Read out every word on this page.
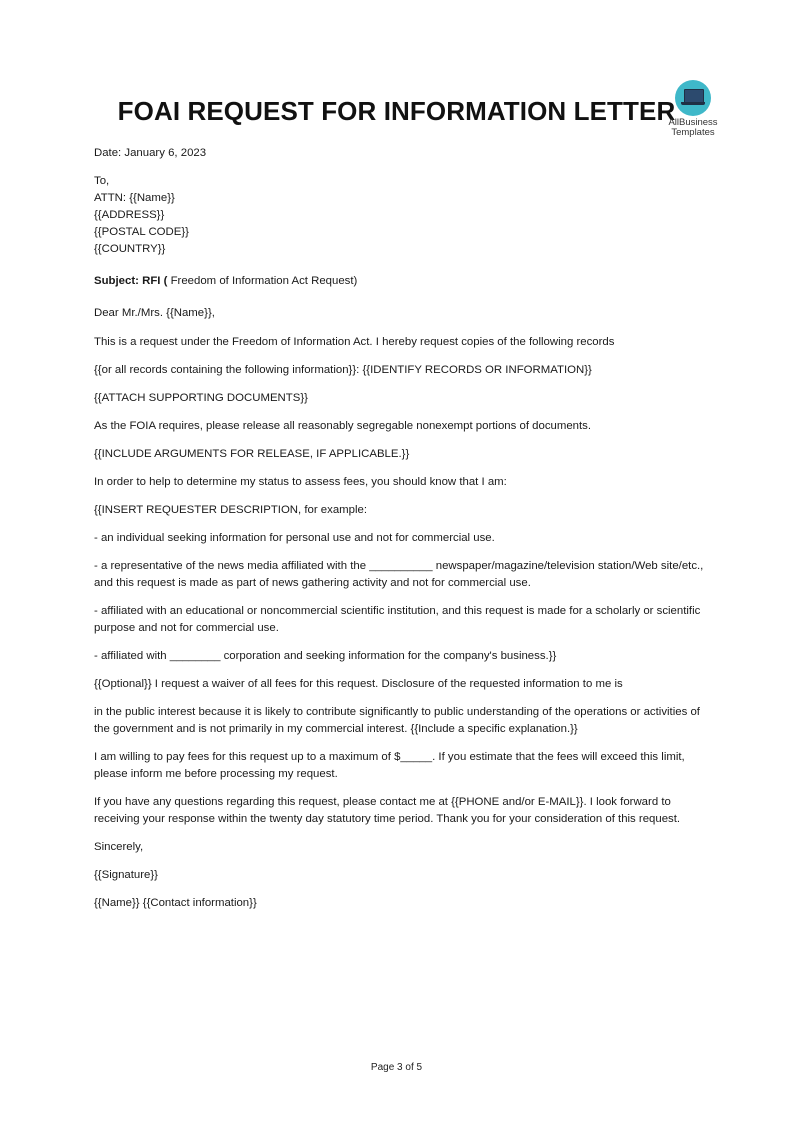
FOAI REQUEST FOR INFORMATION LETTER
AllBusiness
Templates

Date: January 6, 2023

To,
ATTN: {{Name}}
{{ADDRESS}}
{{POSTAL CODE}}
{{COUNTRY}}

Subject: RFI ( Freedom of Information Act Request)

Dear Mr./Mrs. {{Name}},

This is a request under the Freedom of Information Act. I hereby request copies of the following records

{{or all records containing the following information}}: {{IDENTIFY RECORDS OR INFORMATION}}

{{ATTACH SUPPORTING DOCUMENTS}}

As the FOIA requires, please release all reasonably segregable nonexempt portions of documents.

{{INCLUDE ARGUMENTS FOR RELEASE, IF APPLICABLE.}}

In order to help to determine my status to assess fees, you should know that I am:

{{INSERT REQUESTER DESCRIPTION, for example:

- an individual seeking information for personal use and not for commercial use.

- a representative of the news media affiliated with the __________ newspaper/magazine/television station/Web site/etc., and this request is made as part of news gathering activity and not for commercial use.

- affiliated with an educational or noncommercial scientific institution, and this request is made for a scholarly or scientific purpose and not for commercial use.

- affiliated with ________ corporation and seeking information for the company's business.}}

{{Optional}} I request a waiver of all fees for this request. Disclosure of the requested information to me is

in the public interest because it is likely to contribute significantly to public understanding of the operations or activities of the government and is not primarily in my commercial interest. {{Include a specific explanation.}}

I am willing to pay fees for this request up to a maximum of $_____. If you estimate that the fees will exceed this limit, please inform me before processing my request.

If you have any questions regarding this request, please contact me at {{PHONE and/or E-MAIL}}. I look forward to receiving your response within the twenty day statutory time period. Thank you for your consideration of this request.

Sincerely,

{{Signature}}

{{Name}} {{Contact information}}

Page 3 of 5
